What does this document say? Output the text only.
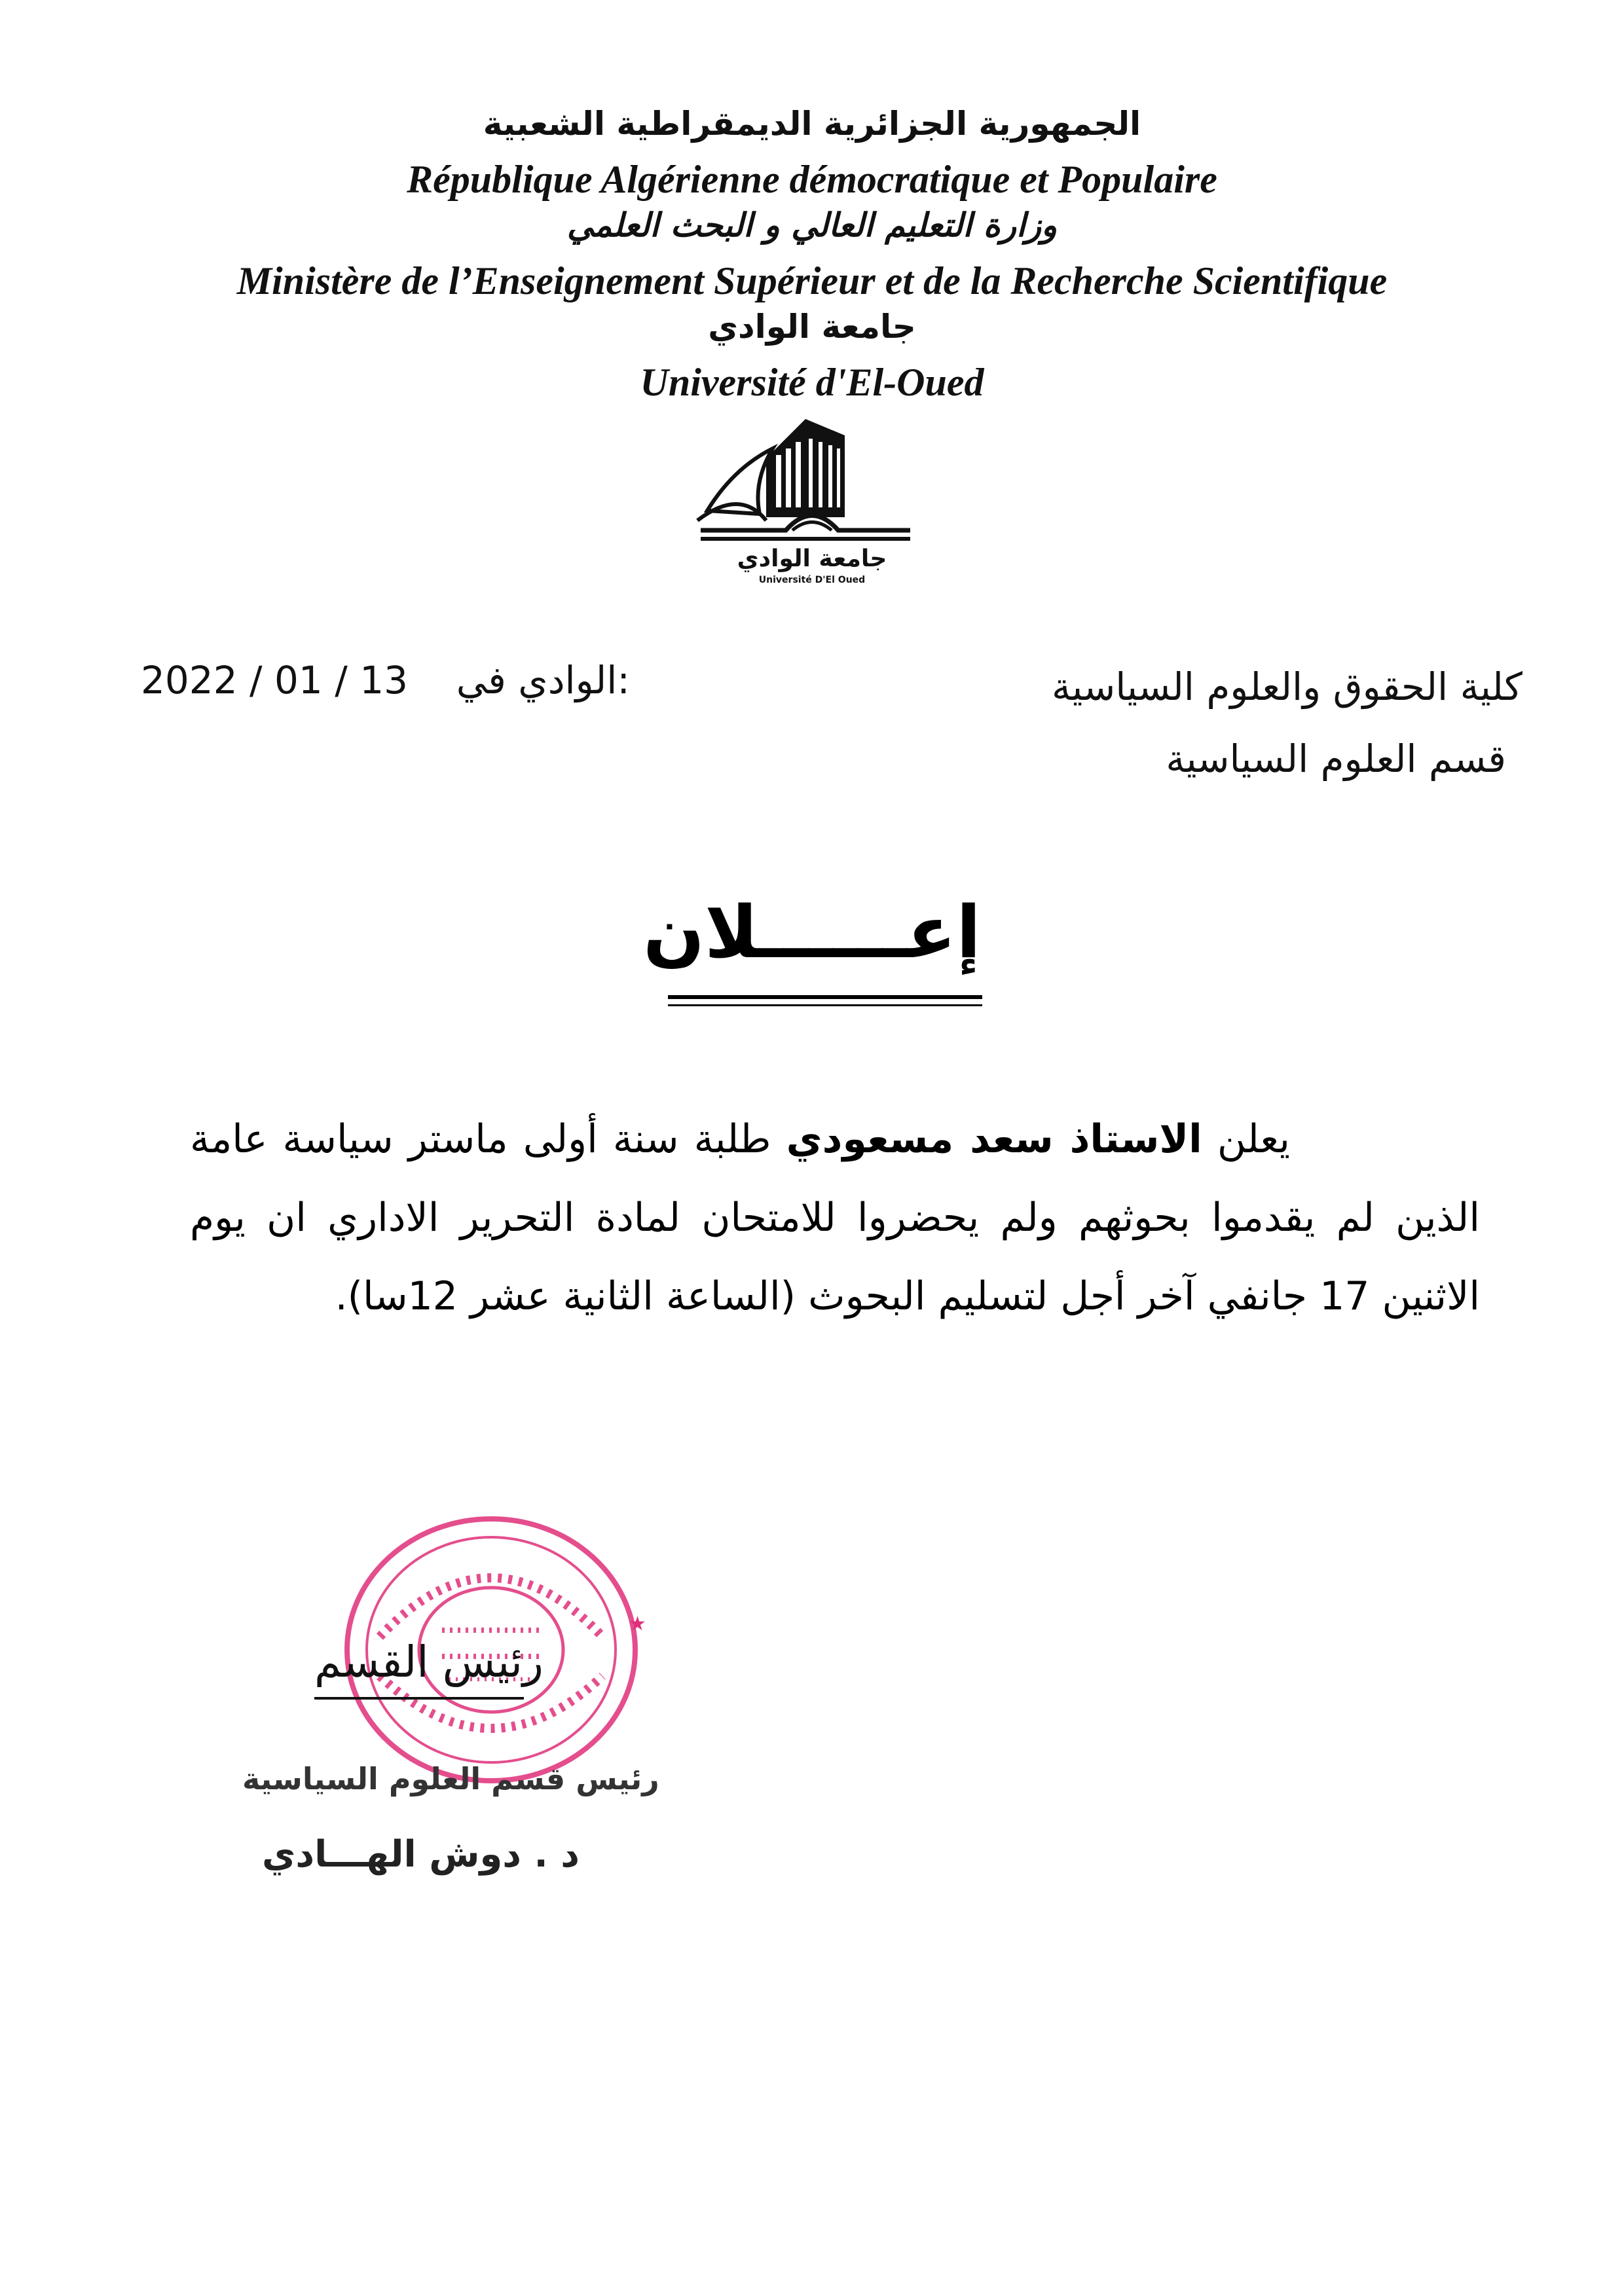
الجمهورية الجزائرية الديمقراطية الشعبية
République Algérienne démocratique et Populaire
وزارة التعليم العالي و البحث العلمي
Ministère de l’Enseignement Supérieur et de la Recherche Scientifique
جامعة الوادي
Université d'El-Oued
جامعة الوادي
Université D'El Oued
2022 / 01 / 13 الوادي في:	كلية الحقوق والعلوم السياسية
قسم العلوم السياسية
إعــــــلان
يعلن الاستاذ سعد مسعودي طلبة سنة أولى ماستر سياسة عامة الذين لم يقدموا بحوثهم ولم يحضروا للامتحان لمادة التحرير الاداري ان يوم الاثنين 17 جانفي آخر أجل لتسليم البحوث (الساعة الثانية عشر 12سا).
★
رئيس القسم
رئيس قسم العلوم السياسية
د . دوش الهـــادي
